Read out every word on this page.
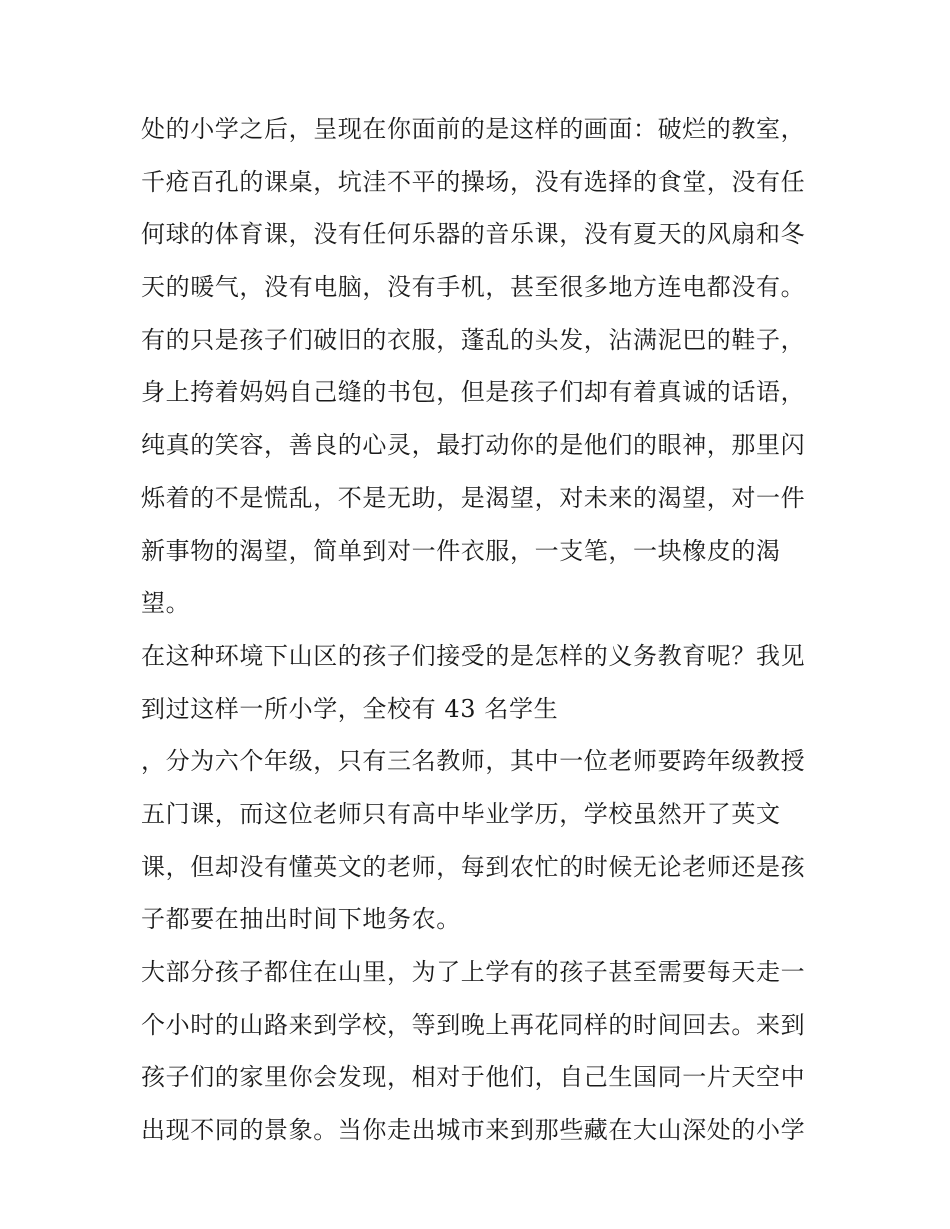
处的小学之后，呈现在你面前的是这样的画面：破烂的教室，
千疮百孔的课桌，坑洼不平的操场，没有选择的食堂，没有任
何球的体育课，没有任何乐器的音乐课，没有夏天的风扇和冬
天的暖气，没有电脑，没有手机，甚至很多地方连电都没有。
有的只是孩子们破旧的衣服，蓬乱的头发，沾满泥巴的鞋子，
身上挎着妈妈自己缝的书包，但是孩子们却有着真诚的话语，
纯真的笑容，善良的心灵，最打动你的是他们的眼神，那里闪
烁着的不是慌乱，不是无助，是渴望，对未来的渴望，对一件
新事物的渴望，简单到对一件衣服，一支笔，一块橡皮的渴
望。
在这种环境下山区的孩子们接受的是怎样的义务教育呢？我见
到过这样一所小学，全校有 43 名学生
，分为六个年级，只有三名教师，其中一位老师要跨年级教授
五门课，而这位老师只有高中毕业学历，学校虽然开了英文
课，但却没有懂英文的老师，每到农忙的时候无论老师还是孩
子都要在抽出时间下地务农。
大部分孩子都住在山里，为了上学有的孩子甚至需要每天走一
个小时的山路来到学校，等到晚上再花同样的时间回去。来到
孩子们的家里你会发现，相对于他们，自己生国同一片天空中
出现不同的景象。当你走出城市来到那些藏在大山深处的小学
